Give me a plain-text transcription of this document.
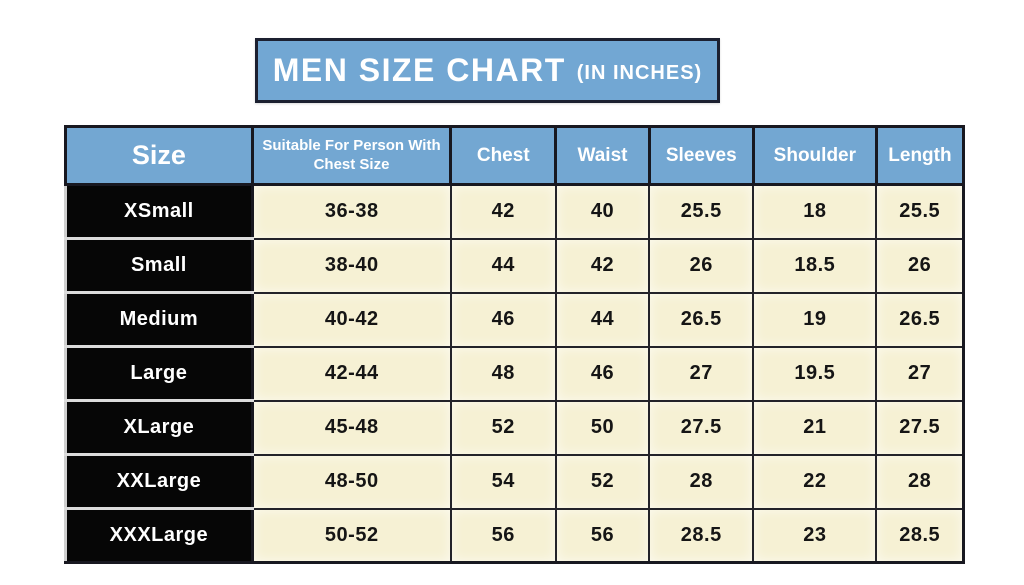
MEN SIZE CHART (IN INCHES)
Size	Suitable For Person With Chest Size	Chest	Waist	Sleeves	Shoulder	Length
XSmall	36-38	42	40	25.5	18	25.5
Small	38-40	44	42	26	18.5	26
Medium	40-42	46	44	26.5	19	26.5
Large	42-44	48	46	27	19.5	27
XLarge	45-48	52	50	27.5	21	27.5
XXLarge	48-50	54	52	28	22	28
XXXLarge	50-52	56	56	28.5	23	28.5
